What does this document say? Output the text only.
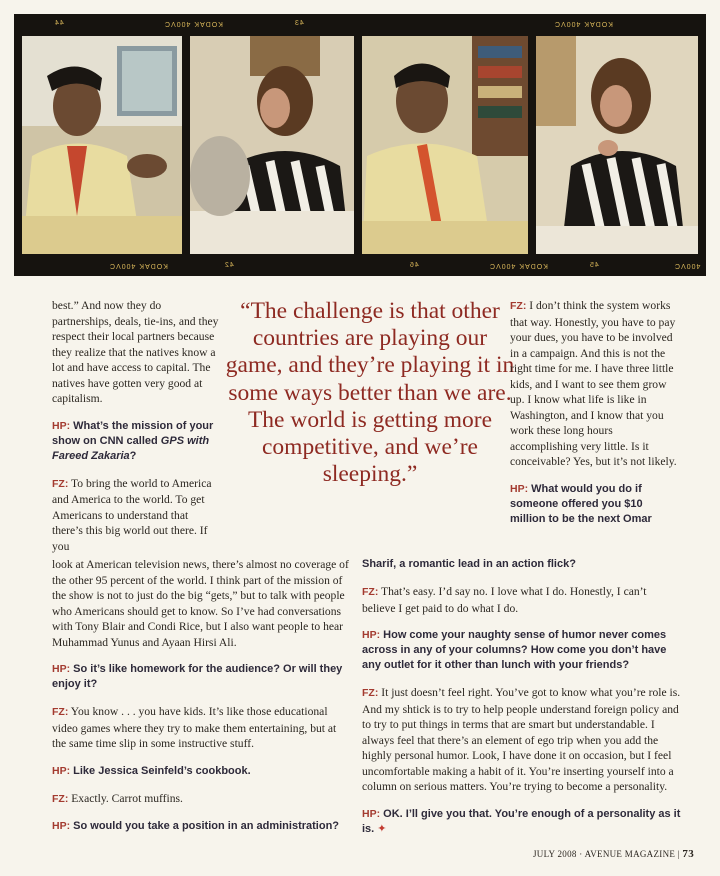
44	KODAK 400VC	43	KODAK 400VC
KODAK 400VC	42	46	KODAK 400VC	45	400VC

best.” And now they do partnerships, deals, tie-ins, and they respect their local partners because they realize that the natives know a lot and have access to capital. The natives have gotten very good at capitalism.

HP: What’s the mission of your show on CNN called GPS with Fareed Zakaria?

FZ: To bring the world to America and America to the world. To get Americans to understand that there’s this big world out there. If you

“The challenge is that other countries are playing our game, and they’re playing it in some ways better than we are. The world is getting more competitive, and we’re sleeping.”

FZ: I don’t think the system works that way. Honestly, you have to pay your dues, you have to be involved in a campaign. And this is not the right time for me. I have three little kids, and I want to see them grow up. I know what life is like in Washington, and I know that you work these long hours accomplishing very little. Is it conceivable? Yes, but it’s not likely.

HP: What would you do if someone offered you $10 million to be the next Omar

look at American television news, there’s almost no coverage of the other 95 percent of the world. I think part of the mission of the show is not to just do the big “gets,” but to talk with people who Americans should get to know. So I’ve had conversations with Tony Blair and Condi Rice, but I also want people to hear Muhammad Yunus and Ayaan Hirsi Ali.

HP: So it’s like homework for the audience? Or will they enjoy it?

FZ: You know . . . you have kids. It’s like those educational video games where they try to make them entertaining, but at the same time slip in some instructive stuff.

HP: Like Jessica Seinfeld’s cookbook.

FZ: Exactly. Carrot muffins.

HP: So would you take a position in an administration?

Sharif, a romantic lead in an action flick?

FZ: That’s easy. I’d say no. I love what I do. Honestly, I can’t believe I get paid to do what I do.

HP: How come your naughty sense of humor never comes across in any of your columns? How come you don’t have any outlet for it other than lunch with your friends?

FZ: It just doesn’t feel right. You’ve got to know what you’re role is. And my shtick is to try to help people understand foreign policy and to try to put things in terms that are smart but understandable. I always feel that there’s an element of ego trip when you add the highly personal humor. Look, I have done it on occasion, but I feel uncomfortable making a habit of it. You’re inserting yourself into a column on serious matters. You’re trying to become a personality.

HP: OK. I’ll give you that. You’re enough of a personality as it is. ✦

JULY 2008 · AVENUE MAGAZINE | 73
